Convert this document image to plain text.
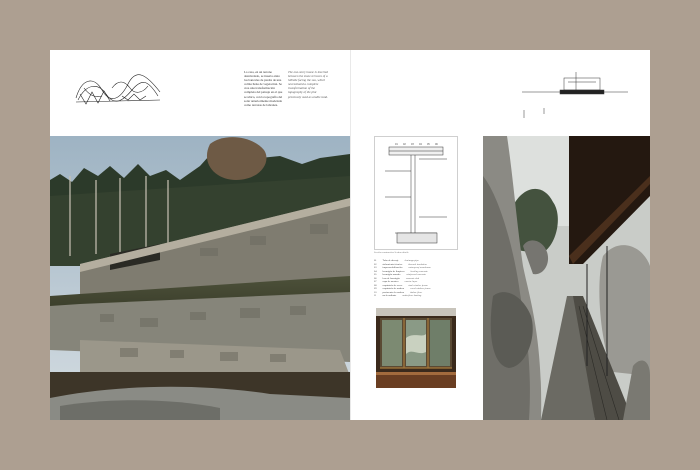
La casa, en un terreno desnivelado, se inserta entre los bancales de piedra de una colina llena de vegetación. Se crea una transformación completa del paisaje en el que se ubica, con la topografía del solar anteriormente modelada como terrazas de labranza.
The one-story house is inserted between the stone terraces of a hillside facing the sea, which necessitated a complete transformation of the topography of the plot previously used as arable land.
01 02 03 04 05 06
Sección constructiva Section details
01 Tubo de drenaje drainage pipe
02 aislamiento térmico thermal insulation
03 impermeabilización waterproof membrane
04 hormigón de limpieza leveling concrete
05 hormigón armado reinforced concrete
06 losa de hormigón concrete slab
07 capa de mortero mortar layer
08 carpintería de acero steel window frame
09 carpintería de madera wood window frame
10 pavimento de madera timber floor
11 suelo radiante underfloor heating
